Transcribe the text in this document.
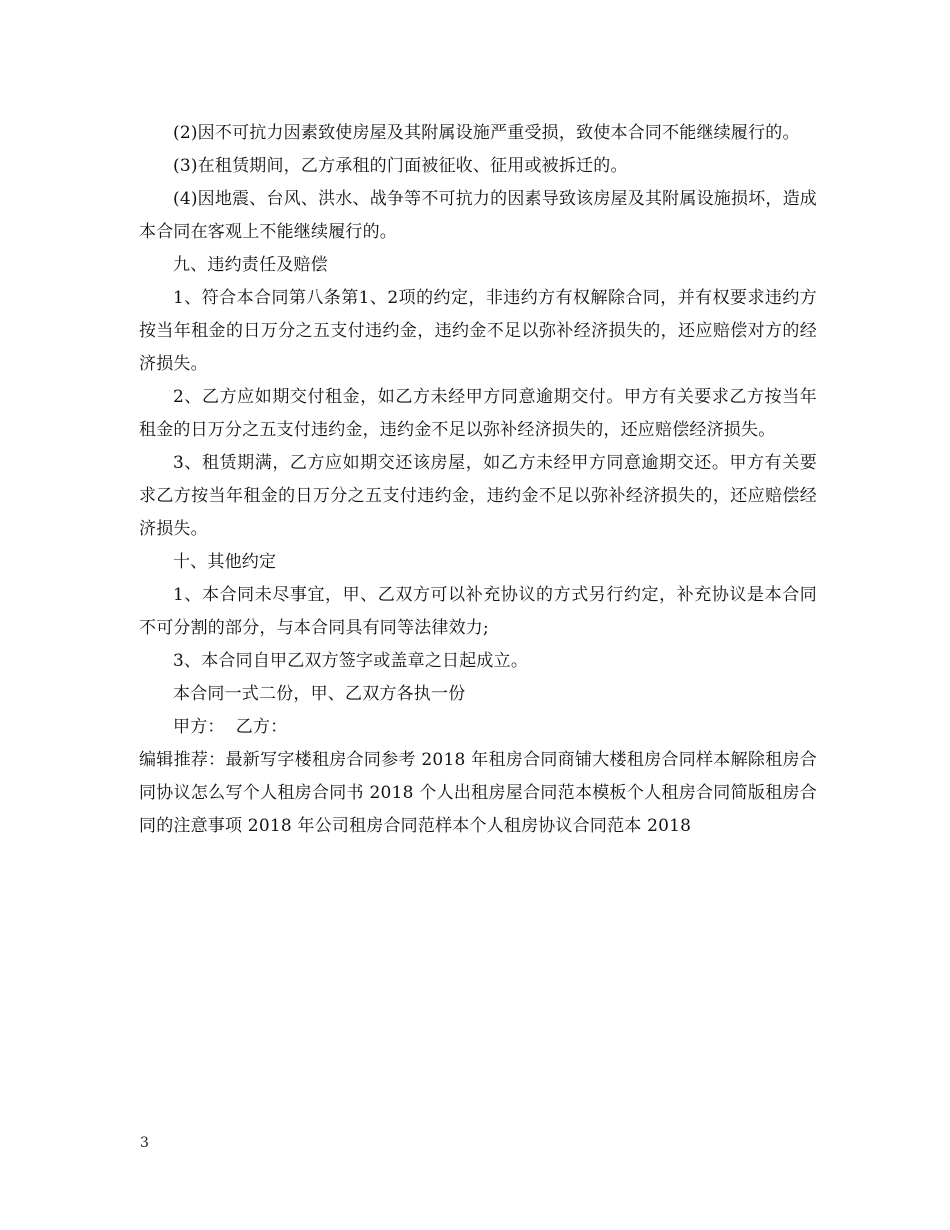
(2)因不可抗力因素致使房屋及其附属设施严重受损，致使本合同不能继续履行的。

(3)在租赁期间，乙方承租的门面被征收、征用或被拆迁的。

(4)因地震、台风、洪水、战争等不可抗力的因素导致该房屋及其附属设施损坏，造成本合同在客观上不能继续履行的。

九、违约责任及赔偿

1、符合本合同第八条第1、2项的约定，非违约方有权解除合同，并有权要求违约方按当年租金的日万分之五支付违约金，违约金不足以弥补经济损失的，还应赔偿对方的经济损失。

2、乙方应如期交付租金，如乙方未经甲方同意逾期交付。甲方有关要求乙方按当年租金的日万分之五支付违约金，违约金不足以弥补经济损失的，还应赔偿经济损失。

3、租赁期满，乙方应如期交还该房屋，如乙方未经甲方同意逾期交还。甲方有关要求乙方按当年租金的日万分之五支付违约金，违约金不足以弥补经济损失的，还应赔偿经济损失。

十、其他约定

1、本合同未尽事宜，甲、乙双方可以补充协议的方式另行约定，补充协议是本合同不可分割的部分，与本合同具有同等法律效力;

3、本合同自甲乙双方签字或盖章之日起成立。

本合同一式二份，甲、乙双方各执一份

甲方：  乙方：

编辑推荐：最新写字楼租房合同参考 2018 年租房合同商铺大楼租房合同样本解除租房合同协议怎么写个人租房合同书 2018 个人出租房屋合同范本模板个人租房合同简版租房合同的注意事项 2018 年公司租房合同范样本个人租房协议合同范本 2018

3
